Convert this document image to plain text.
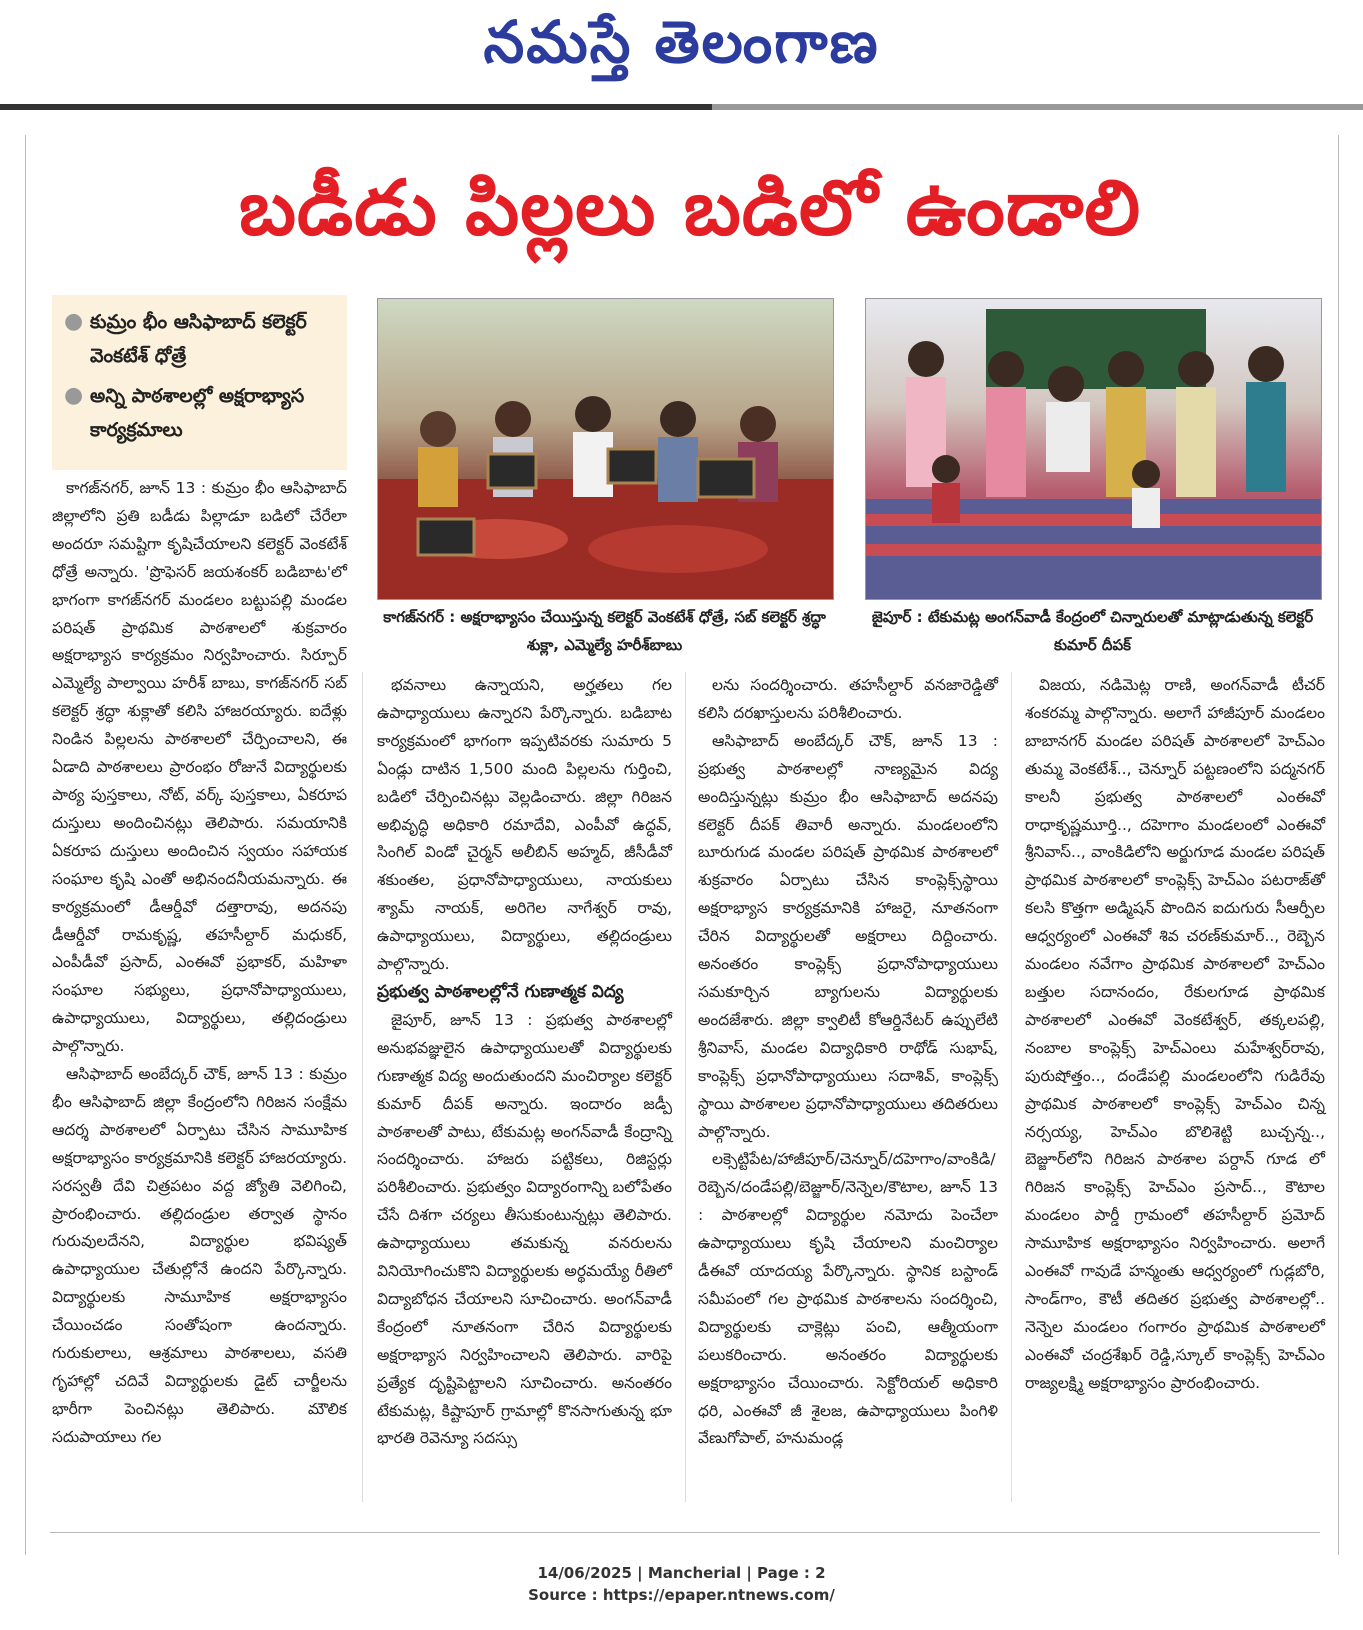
నమస్తే తెలంగాణ
బడీడు పిల్లలు బడిలో ఉండాలి
● కుమ్రం భీం ఆసిఫాబాద్ కలెక్టర్ వెంకటేశ్ ధోత్రే
● అన్ని పాఠశాలల్లో అక్షరాభ్యాస కార్యక్రమాలు
కాగజ్‌నగర్ : అక్షరాభ్యాసం చేయిస్తున్న కలెక్టర్ వెంకటేశ్ ధోత్రే, సబ్ కలెక్టర్ శ్రద్ధా శుక్లా, ఎమ్మెల్యే హరీశ్‌బాబు
జైపూర్ : టేకుమట్ల అంగన్‌వాడీ కేంద్రంలో చిన్నారులతో మాట్లాడుతున్న కలెక్టర్ కుమార్ దీపక్

కాగజ్‌నగర్, జూన్ 13 : కుమ్రం భీం ఆసిఫాబాద్ జిల్లాలోని ప్రతి బడీడు పిల్లాడూ బడిలో చేరేలా అందరూ సమష్టిగా కృషిచేయాలని కలెక్టర్ వెంకటేశ్ ధోత్రే అన్నారు. 'ప్రొఫెసర్ జయశంకర్ బడిబాట'లో భాగంగా కాగజ్‌నగర్ మండలం బట్టుపల్లి మండల పరిషత్ ప్రాథమిక పాఠశాలలో శుక్రవారం అక్షరాభ్యాస కార్యక్రమం నిర్వహించారు. సిర్పూర్ ఎమ్మెల్యే పాల్వాయి హరీశ్ బాబు, కాగజ్‌నగర్ సబ్ కలెక్టర్ శ్రద్ధా శుక్లాతో కలిసి హాజరయ్యారు. ఐదేళ్లు నిండిన పిల్లలను పాఠశాలలో చేర్పించాలని, ఈ ఏడాది పాఠశాలలు ప్రారంభం రోజునే విద్యార్థులకు పాఠ్య పుస్తకాలు, నోట్, వర్క్ పుస్తకాలు, ఏకరూప దుస్తులు అందించినట్లు తెలిపారు. సమయానికి ఏకరూప దుస్తులు అందించిన స్వయం సహాయక సంఘాల కృషి ఎంతో అభినందనీయమన్నారు. ఈ కార్యక్రమంలో డీఆర్డీవో దత్తారావు, అదనపు డీఆర్డీవో రామకృష్ణ, తహసీల్దార్ మధుకర్, ఎంపీడీవో ప్రసాద్, ఎంఈవో ప్రభాకర్, మహిళా సంఘాల సభ్యులు, ప్రధానోపాధ్యాయులు, ఉపాధ్యాయులు, విద్యార్థులు, తల్లిదండ్రులు పాల్గొన్నారు.

ఆసిఫాబాద్ అంబేద్కర్ చౌక్, జూన్ 13 : కుమ్రం భీం ఆసిఫాబాద్ జిల్లా కేంద్రంలోని గిరిజన సంక్షేమ ఆదర్శ పాఠశాలలో ఏర్పాటు చేసిన సామూహిక అక్షరాభ్యాసం కార్యక్రమానికి కలెక్టర్ హాజరయ్యారు. సరస్వతీ దేవి చిత్రపటం వద్ద జ్యోతి వెలిగించి, ప్రారంభించారు. తల్లిదండ్రుల తర్వాత స్థానం గురువులదేనని, విద్యార్థుల భవిష్యత్ ఉపాధ్యాయుల చేతుల్లోనే ఉందని పేర్కొన్నారు. విద్యార్థులకు సామూహిక అక్షరాభ్యాసం చేయించడం సంతోషంగా ఉందన్నారు. గురుకులాలు, ఆశ్రమాలు పాఠశాలలు, వసతి గృహాల్లో చదివే విద్యార్థులకు డైట్ చార్జీలను భారీగా పెంచినట్లు తెలిపారు. మౌలిక సదుపాయాలు గల

భవనాలు ఉన్నాయని, అర్హతలు గల ఉపాధ్యాయులు ఉన్నారని పేర్కొన్నారు. బడిబాట కార్యక్రమంలో భాగంగా ఇప్పటివరకు సుమారు 5 ఏండ్లు దాటిన 1,500 మంది పిల్లలను గుర్తించి, బడిలో చేర్పించినట్లు వెల్లడించారు. జిల్లా గిరిజన అభివృద్ధి అధికారి రమాదేవి, ఎంపీవో ఉద్ధవ్, సింగిల్ విండో చైర్మన్ అలీబిన్ అహ్మద్, జీసీడీవో శకుంతల, ప్రధానోపాధ్యాయులు, నాయకులు శ్యామ్ నాయక్, అరిగెల నాగేశ్వర్ రావు, ఉపాధ్యాయులు, విద్యార్థులు, తల్లిదండ్రులు పాల్గొన్నారు.

ప్రభుత్వ పాఠశాలల్లోనే గుణాత్మక విద్య

జైపూర్, జూన్ 13 : ప్రభుత్వ పాఠశాలల్లో అనుభవజ్ఞులైన ఉపాధ్యాయులతో విద్యార్థులకు గుణాత్మక విద్య అందుతుందని మంచిర్యాల కలెక్టర్ కుమార్ దీపక్ అన్నారు. ఇందారం జడ్పీ పాఠశాలతో పాటు, టేకుమట్ల అంగన్‌వాడీ కేంద్రాన్ని సందర్శించారు. హాజరు పట్టికలు, రిజిస్టర్లు పరిశీలించారు. ప్రభుత్వం విద్యారంగాన్ని బలోపేతం చేసే దిశగా చర్యలు తీసుకుంటున్నట్లు తెలిపారు. ఉపాధ్యాయులు తమకున్న వనరులను వినియోగించుకొని విద్యార్థులకు అర్థమయ్యే రీతిలో విద్యాబోధన చేయాలని సూచించారు. అంగన్‌వాడీ కేంద్రంలో నూతనంగా చేరిన విద్యార్థులకు అక్షరాభ్యాస నిర్వహించాలని తెలిపారు. వారిపై ప్రత్యేక దృష్టిపెట్టాలని సూచించారు. అనంతరం టేకుమట్ల, కిష్టాపూర్ గ్రామాల్లో కొనసాగుతున్న భూ భారతి రెవెన్యూ సదస్సు

లను సందర్శించారు. తహసీల్దార్ వనజారెడ్డితో కలిసి దరఖాస్తులను పరిశీలించారు.

ఆసిఫాబాద్ అంబేద్కర్ చౌక్, జూన్ 13 : ప్రభుత్వ పాఠశాలల్లో నాణ్యమైన విద్య అందిస్తున్నట్లు కుమ్రం భీం ఆసిఫాబాద్ అదనపు కలెక్టర్ దీపక్ తివారీ అన్నారు. మండలంలోని బూరుగుడ మండల పరిషత్ ప్రాథమిక పాఠశాలలో శుక్రవారం ఏర్పాటు చేసిన కాంప్లెక్స్‌స్థాయి అక్షరాభ్యాస కార్యక్రమానికి హాజరై, నూతనంగా చేరిన విద్యార్థులతో అక్షరాలు దిద్దించారు. అనంతరం కాంప్లెక్స్ ప్రధానోపాధ్యాయులు సమకూర్చిన బ్యాగులను విద్యార్థులకు అందజేశారు. జిల్లా క్వాలిటీ కోఆర్డినేటర్ ఉప్పులేటి శ్రీనివాస్, మండల విద్యాధికారి రాథోడ్ సుభాష్, కాంప్లెక్స్ ప్రధానోపాధ్యాయులు సదాశివ్, కాంప్లెక్స్ స్థాయి పాఠశాలల ప్రధానోపాధ్యాయులు తదితరులు పాల్గొన్నారు.

లక్సెట్టిపేట/హాజీపూర్/చెన్నూర్/దహెగాం/వాంకిడి/రెబ్బెన/దండేపల్లి/బెజ్జూర్/నెన్నెల/కౌటాల, జూన్ 13 : పాఠశాలల్లో విద్యార్థుల నమోదు పెంచేలా ఉపాధ్యాయులు కృషి చేయాలని మంచిర్యాల డీఈవో యాదయ్య పేర్కొన్నారు. స్థానిక బస్టాండ్ సమీపంలో గల ప్రాథమిక పాఠశాలను సందర్శించి, విద్యార్థులకు చాక్లెట్లు పంచి, ఆత్మీయంగా పలుకరించారు. అనంతరం విద్యార్థులకు అక్షరాభ్యాసం చేయించారు. సెక్టోరియల్ అధికారి ధరి, ఎంఈవో జీ శైలజ, ఉపాధ్యాయులు పింగిళి వేణుగోపాల్, హనుమండ్ల

విజయ, నడిమెట్ల రాణి, అంగన్‌వాడీ టీచర్ శంకరమ్మ పాల్గొన్నారు. అలాగే హాజీపూర్ మండలం బాబానగర్ మండల పరిషత్ పాఠశాలలో హెచ్‌ఎం తుమ్మ వెంకటేశ్.., చెన్నూర్ పట్టణంలోని పద్మనగర్ కాలనీ ప్రభుత్వ పాఠశాలలో ఎంఈవో రాధాకృష్ణమూర్తి.., దహెగాం మండలంలో ఎంఈవో శ్రీనివాస్.., వాంకిడిలోని అర్జుగూడ మండల పరిషత్ ప్రాథమిక పాఠశాలలో కాంప్లెక్స్ హెచ్‌ఎం పటరాజ్‌తో కలసి కొత్తగా అడ్మిషన్ పొందిన ఐదుగురు సీఆర్పీల ఆధ్వర్యంలో ఎంఈవో శివ చరణ్‌కుమార్.., రెబ్బెన మండలం నవేగాం ప్రాథమిక పాఠశాలలో హెచ్‌ఎం బత్తుల సదానందం, రేకులగూడ ప్రాథమిక పాఠశాలలో ఎంఈవో వెంకటేశ్వర్, తక్కలపల్లి, నంబాల కాంప్లెక్స్ హెచ్‌ఎంలు మహేశ్వర్‌రావు, పురుషోత్తం.., దండేపల్లి మండలంలోని గుడిరేవు ప్రాథమిక పాఠశాలలో కాంప్లెక్స్ హెచ్‌ఎం చిన్న నర్సయ్య, హెచ్‌ఎం బొలిశెట్టి బుచ్చన్న.., బెజ్జూర్‌లోని గిరిజన పాఠశాల పర్దాన్ గూడ లో గిరిజన కాంప్లెక్స్ హెచ్‌ఎం ప్రసాద్.., కౌటాల మండలం పార్డీ గ్రామంలో తహసీల్దార్ ప్రమోద్ సామూహిక అక్షరాభ్యాసం నిర్వహించారు. అలాగే ఎంఈవో గావుడే హన్మంతు ఆధ్వర్యంలో గుడ్లబోరి, సాండ్‌గాం, కౌటీ తదితర ప్రభుత్వ పాఠశాలల్లో.. నెన్నెల మండలం గంగారం ప్రాథమిక పాఠశాలలో ఎంఈవో చంద్రశేఖర్ రెడ్డి,స్కూల్ కాంప్లెక్స్ హెచ్‌ఎం రాజ్యలక్ష్మి అక్షరాభ్యాసం ప్రారంభించారు.

14/06/2025 | Mancherial | Page : 2
Source : https://epaper.ntnews.com/
